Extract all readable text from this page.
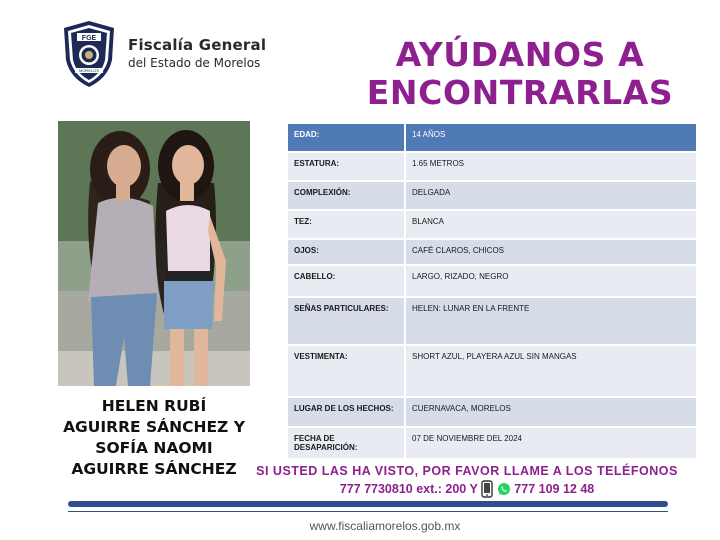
FGE
MORELOS
Fiscalía General
del Estado de Morelos	AYÚDANOS A
ENCONTRARLAS
HELEN RUBÍ
AGUIRRE SÁNCHEZ Y
SOFÍA NAOMI
AGUIRRE SÁNCHEZ
EDAD:	14 AÑOS
ESTATURA:	1.65 METROS
COMPLEXIÓN:	DELGADA
TEZ:	BLANCA
OJOS:	CAFÉ CLAROS, CHICOS
CABELLO:	LARGO, RIZADO, NEGRO
SEÑAS PARTICULARES:	HELEN: LUNAR EN LA FRENTE
VESTIMENTA:	SHORT AZUL, PLAYERA AZUL SIN MANGAS
LUGAR DE LOS HECHOS:	CUERNAVACA, MORELOS
FECHA DE DESAPARICIÓN:	07 DE NOVIEMBRE DEL 2024
SI USTED LAS HA VISTO, POR FAVOR LLAME A LOS TELÉFONOS
777 7730810 ext.: 200 Y	777 109 12 48
www.fiscaliamorelos.gob.mx
